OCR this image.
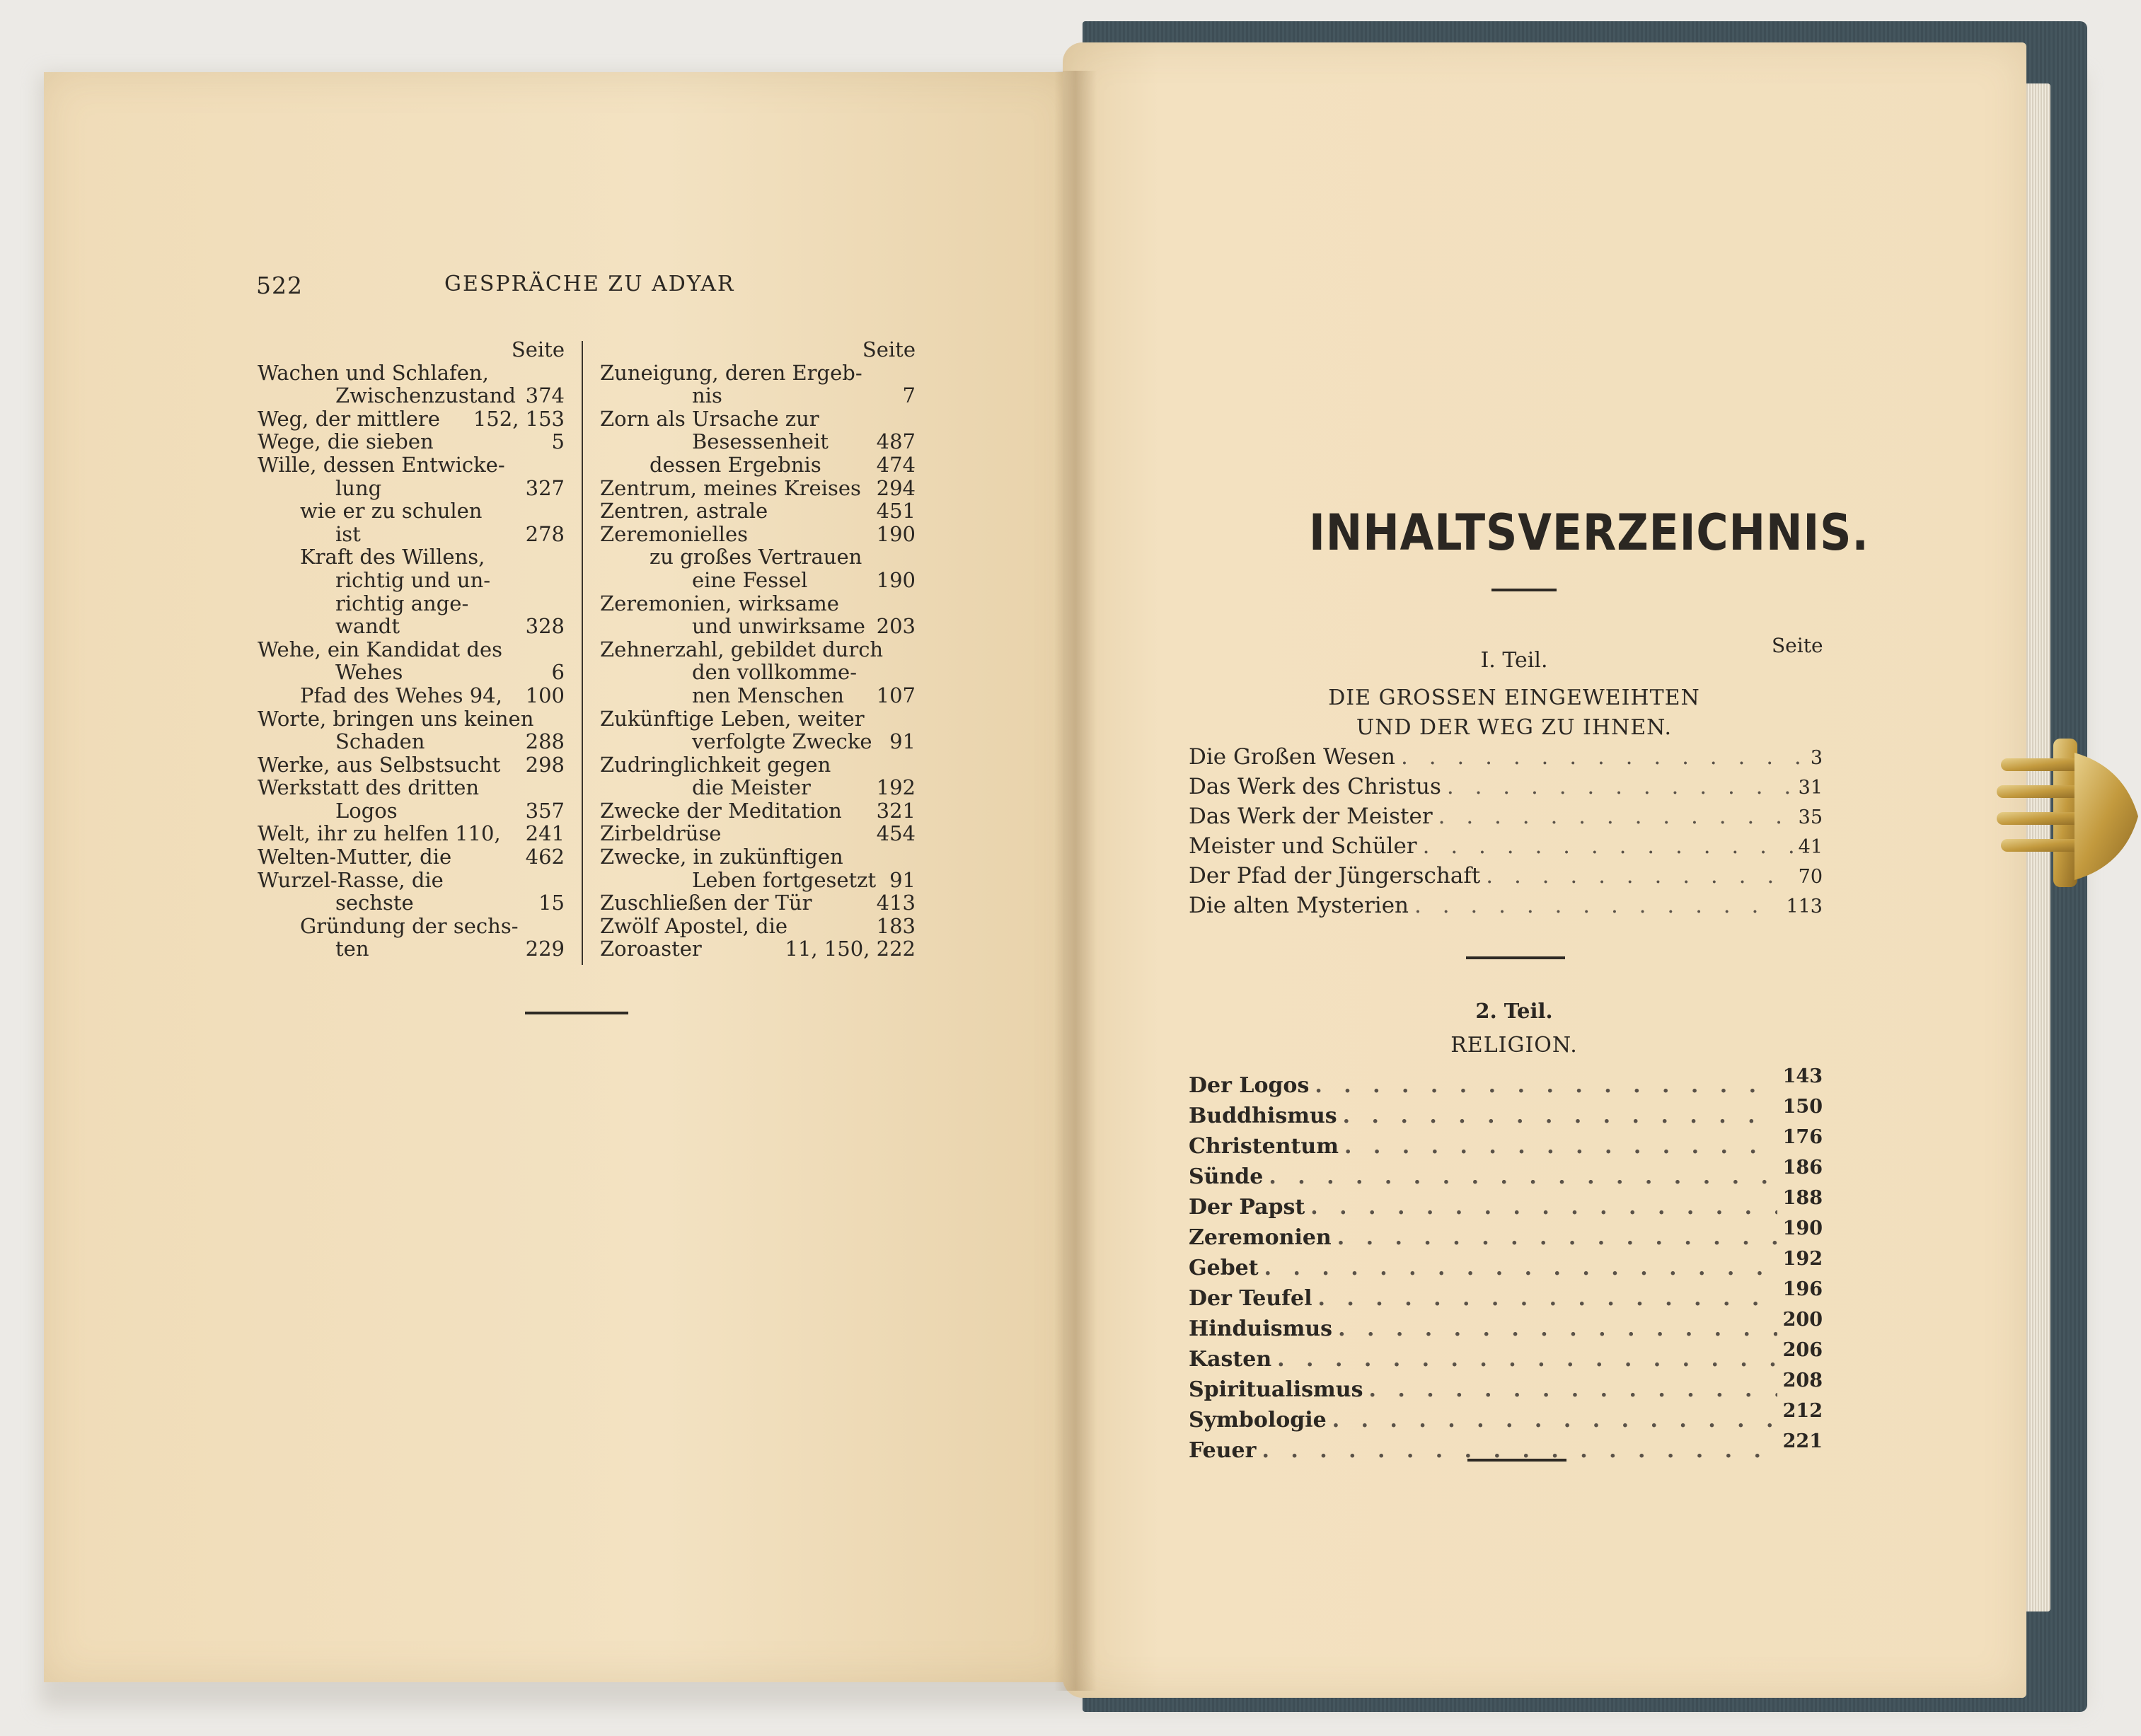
522	GESPRÄCHE ZU ADYAR
Seite
Wachen und Schlafen,
Zwischenzustand 374
Weg, der mittlere	152, 153
Wege, die sieben	5
Wille, dessen Entwicke-
lung	327
wie er zu schulen
ist	278
Kraft des Willens,
richtig und un-
richtig ange-
wandt	328
Wehe, ein Kandidat des
Wehes	6
Pfad des Wehes 94,	100
Worte, bringen uns keinen
Schaden	288
Werke, aus Selbstsucht	298
Werkstatt des dritten
Logos	357
Welt, ihr zu helfen 110,	241
Welten-Mutter, die	462
Wurzel-Rasse, die
sechste	15
Gründung der sechs-
ten	229
Seite
Zuneigung, deren Ergeb-
nis	7
Zorn als Ursache zur
Besessenheit	487
dessen Ergebnis	474
Zentrum, meines Kreises 294
Zentren, astrale	451
Zeremonielles	190
zu großes Vertrauen
eine Fessel	190
Zeremonien, wirksame
und unwirksame 203
Zehnerzahl, gebildet durch
den vollkomme-
nen Menschen	107
Zukünftige Leben, weiter
verfolgte Zwecke 91
Zudringlichkeit gegen
die Meister	192
Zwecke der Meditation	321
Zirbeldrüse	454
Zwecke, in zukünftigen
Leben fortgesetzt 91
Zuschließen der Tür	413
Zwölf Apostel, die	183
Zoroaster	11, 150, 222
INHALTSVERZEICHNIS.
Seite
I. Teil.
DIE GROSSEN EINGEWEIHTEN
UND DER WEG ZU IHNEN.
Die Großen Wesen . . .	3
Das Werk des Christus . . .	31
Das Werk der Meister . . .	35
Meister und Schüler . . .	41
Der Pfad der Jüngerschaft . . .	70
Die alten Mysterien . . .	113
2. Teil.
RELIGION.
Der Logos . . .	143
Buddhismus . . .	150
Christentum . . .	176
Sünde . . .	186
Der Papst . . .	188
Zeremonien . . .	190
Gebet . . .	192
Der Teufel . . .	196
Hinduismus . . .	200
Kasten . . .	206
Spiritualismus . . .	208
Symbologie . . .	212
Feuer . . .	221
